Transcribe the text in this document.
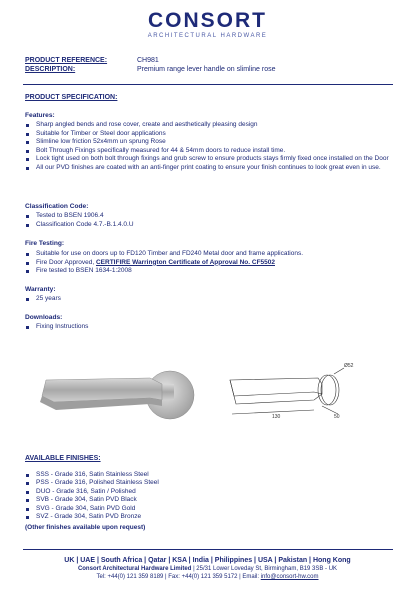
CONSORT
ARCHITECTURAL HARDWARE
PRODUCT REFERENCE:	CH981
DESCRIPTION:	Premium range lever handle on slimline rose
PRODUCT SPECIFICATION:
Features:
Sharp angled bends and rose cover, create and aesthetically pleasing design
Suitable for Timber or Steel door applications
Slimline low friction 52x4mm un sprung Rose
Bolt Through Fixings specifically measured for 44 & 54mm doors to reduce install time.
Lock tight used on both bolt through fixings and grub screw to ensure products stays firmly fixed once installed on the Door
All our PVD finishes are coated with an anti-finger print coating to ensure your finish continues to look great even in use.
Classification Code:
Tested to BSEN 1906.4
Classification Code 4.7.-B.1.4.0.U
Fire Testing:
Suitable for use on doors up to FD120 Timber and FD240 Metal door and frame applications.
Fire Door Approved, CERTIFIRE Warrington Certificate of Approval No. CF5502
Fire tested to BSEN 1634-1:2008
Warranty:
25 years
Downloads:
Fixing Instructions
130	50
Ø52
AVAILABLE FINISHES:
SSS - Grade 316, Satin Stainless Steel
PSS - Grade 316, Polished Stainless Steel
DUO - Grade 316, Satin / Polished
SVB - Grade 304, Satin PVD Black
SVG - Grade 304, Satin PVD Gold
SVZ - Grade 304, Satin PVD Bronze
(Other finishes available upon request)
UK | UAE | South Africa | Qatar | KSA | India | Philippines | USA | Pakistan | Hong Kong
Consort Architectural Hardware Limited | 25/31 Lower Loveday St, Birmingham, B19 3SB - UK
Tel: +44(0) 121 359 8189 | Fax: +44(0) 121 359 5172 | Email: info@consort-hw.com
